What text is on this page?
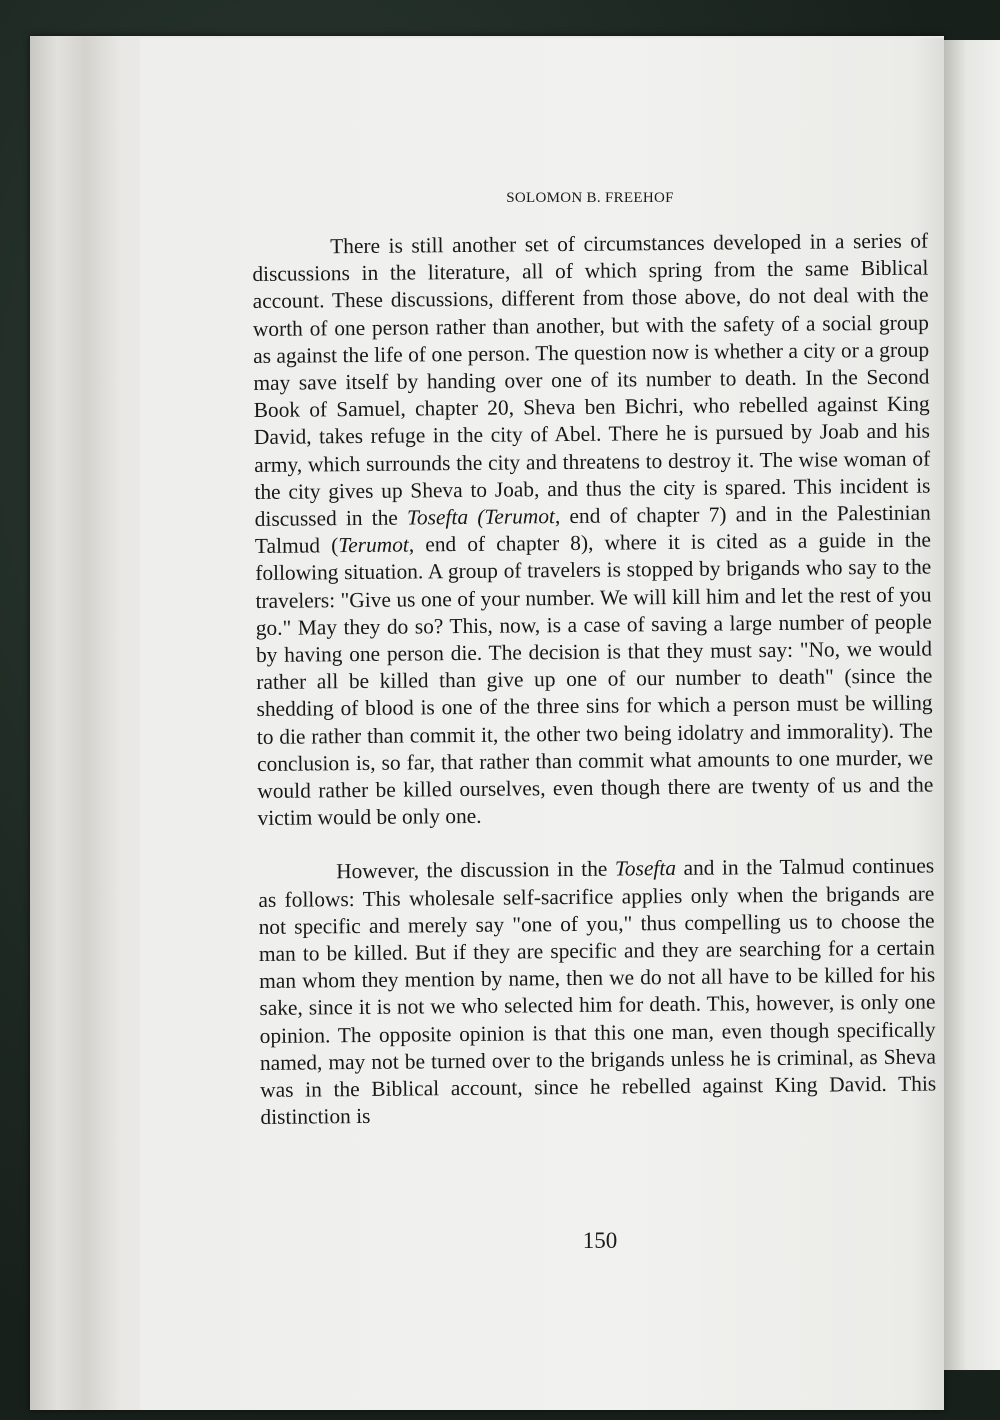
SOLOMON B. FREEHOF

There is still another set of circumstances developed in a series of discussions in the literature, all of which spring from the same Biblical account. These discussions, different from those above, do not deal with the worth of one person rather than another, but with the safety of a social group as against the life of one person. The question now is whether a city or a group may save itself by handing over one of its number to death. In the Second Book of Samuel, chapter 20, Sheva ben Bichri, who rebelled against King David, takes refuge in the city of Abel. There he is pursued by Joab and his army, which surrounds the city and threatens to destroy it. The wise woman of the city gives up Sheva to Joab, and thus the city is spared. This incident is discussed in the Tosefta (Terumot, end of chapter 7) and in the Palestinian Talmud (Terumot, end of chapter 8), where it is cited as a guide in the following situation. A group of travelers is stopped by brigands who say to the travelers: "Give us one of your number. We will kill him and let the rest of you go." May they do so? This, now, is a case of saving a large number of people by having one person die. The decision is that they must say: "No, we would rather all be killed than give up one of our number to death" (since the shedding of blood is one of the three sins for which a person must be willing to die rather than commit it, the other two being idolatry and immorality). The conclusion is, so far, that rather than commit what amounts to one murder, we would rather be killed ourselves, even though there are twenty of us and the victim would be only one.

However, the discussion in the Tosefta and in the Talmud continues as follows: This wholesale self-sacrifice applies only when the brigands are not specific and merely say "one of you," thus compelling us to choose the man to be killed. But if they are specific and they are searching for a certain man whom they mention by name, then we do not all have to be killed for his sake, since it is not we who selected him for death. This, however, is only one opinion. The opposite opinion is that this one man, even though specifically named, may not be turned over to the brigands unless he is criminal, as Sheva was in the Biblical account, since he rebelled against King David. This distinction is

150
